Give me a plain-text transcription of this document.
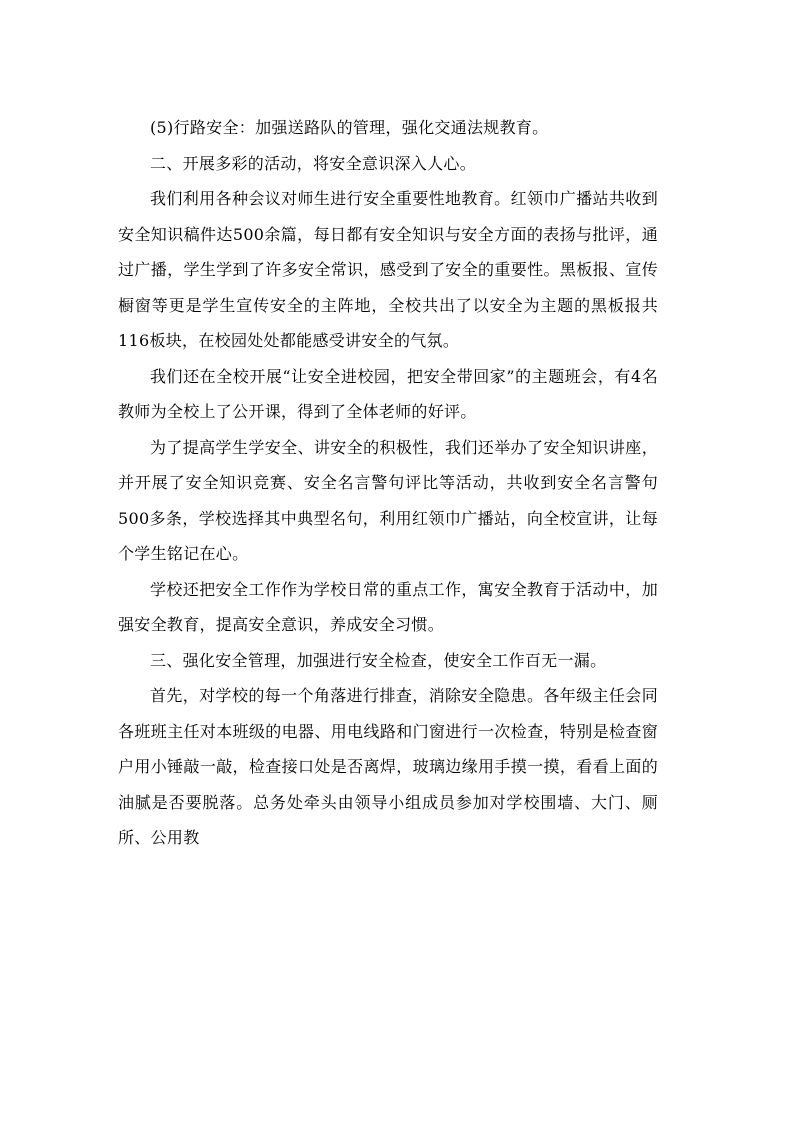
(5)行路安全：加强送路队的管理，强化交通法规教育。

二、开展多彩的活动，将安全意识深入人心。

我们利用各种会议对师生进行安全重要性地教育。红领巾广播站共收到安全知识稿件达500余篇，每日都有安全知识与安全方面的表扬与批评，通过广播，学生学到了许多安全常识，感受到了安全的重要性。黑板报、宣传橱窗等更是学生宣传安全的主阵地，全校共出了以安全为主题的黑板报共116板块，在校园处处都能感受讲安全的气氛。

我们还在全校开展“让安全进校园，把安全带回家”的主题班会，有4名教师为全校上了公开课，得到了全体老师的好评。

为了提高学生学安全、讲安全的积极性，我们还举办了安全知识讲座，并开展了安全知识竞赛、安全名言警句评比等活动，共收到安全名言警句500多条，学校选择其中典型名句，利用红领巾广播站，向全校宣讲，让每个学生铭记在心。

学校还把安全工作作为学校日常的重点工作，寓安全教育于活动中，加强安全教育，提高安全意识，养成安全习惯。

三、强化安全管理，加强进行安全检查，使安全工作百无一漏。

首先，对学校的每一个角落进行排查，消除安全隐患。各年级主任会同各班班主任对本班级的电器、用电线路和门窗进行一次检查，特别是检查窗户用小锤敲一敲，检查接口处是否离焊，玻璃边缘用手摸一摸，看看上面的油腻是否要脱落。总务处牵头由领导小组成员参加对学校围墙、大门、厕所、公用教
